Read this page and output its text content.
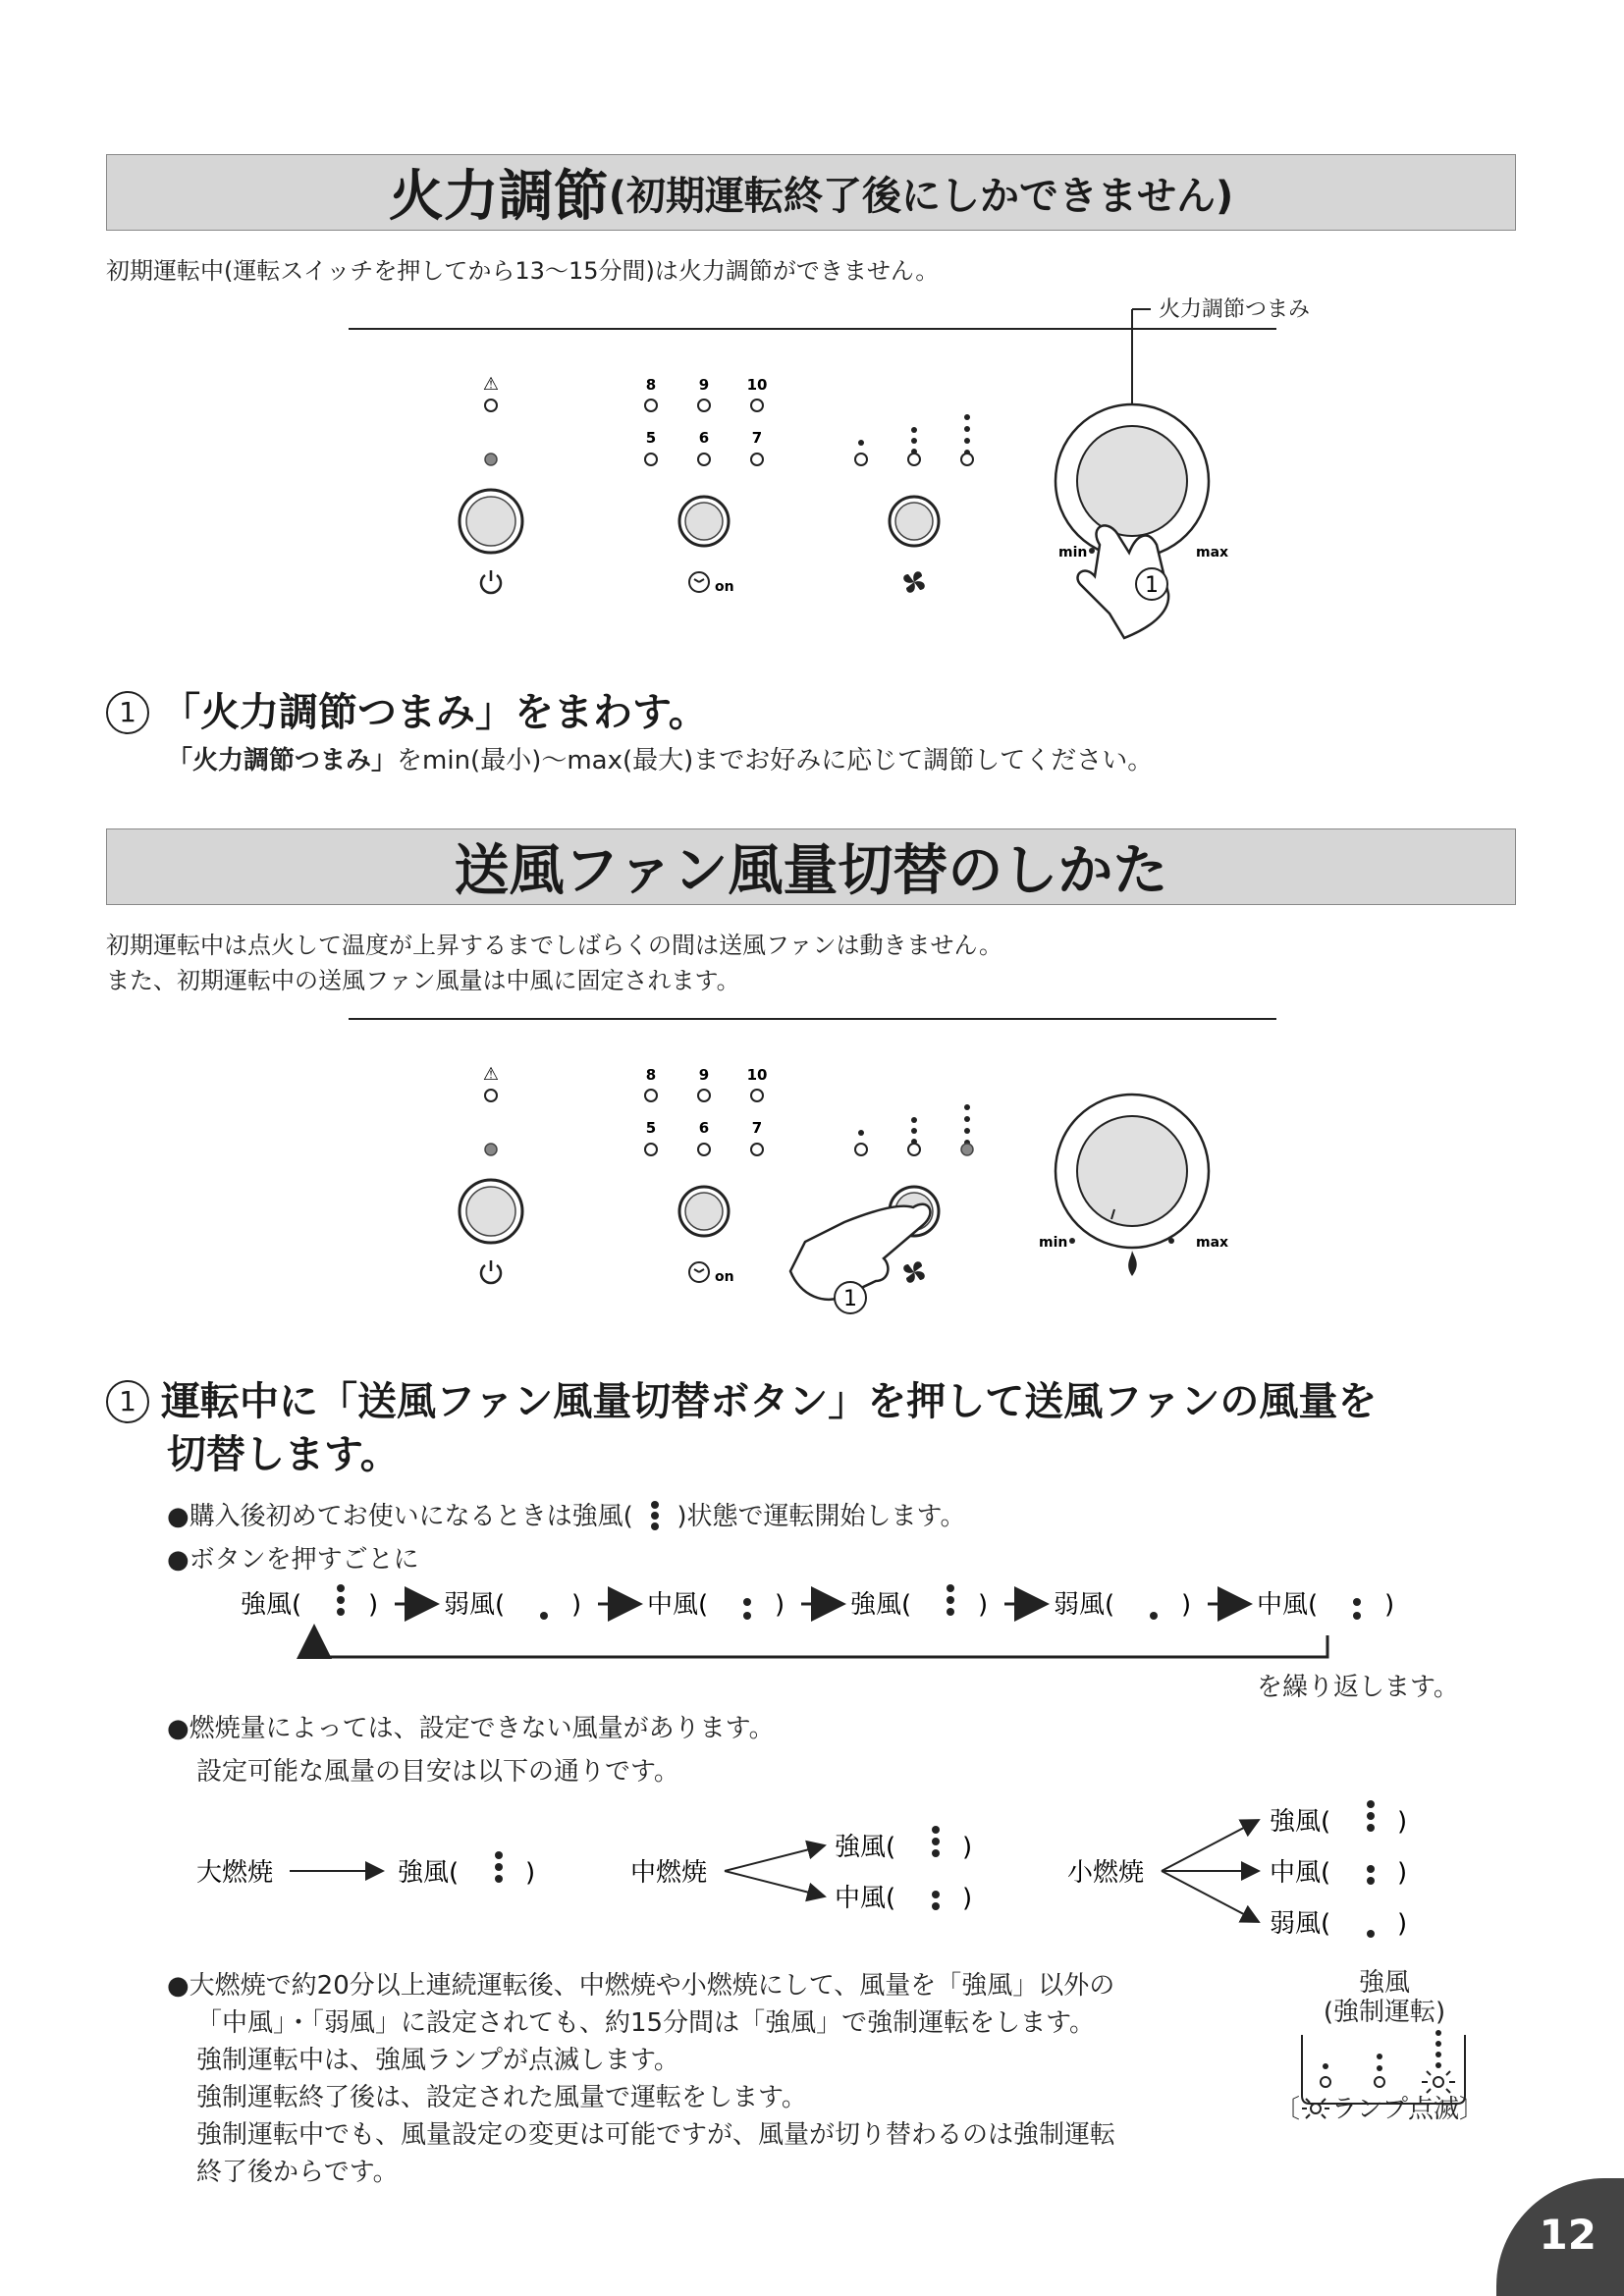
火力調節 (初期運転終了後にしかできません)
初期運転中(運転スイッチを押してから13～15分間)は火力調節ができません。
⚠	8	9	10
5	6	7
on
min	max
1
火力調節つまみ
1 「火力調節つまみ」をまわす。
「火力調節つまみ」をmin(最小)～max(最大)までお好みに応じて調節してください。
送風ファン風量切替のしかた
初期運転中は点火して温度が上昇するまでしばらくの間は送風ファンは動きません。
また、初期運転中の送風ファン風量は中風に固定されます。
⚠	8	9	10
5	6	7
on
1
min	max
1 運転中に「送風ファン風量切替ボタン」を押して送風ファンの風量を
切替します。
●購入後初めてお使いになるときは強風( )状態で運転開始します。
●ボタンを押すごとに
強風(	)	弱風(	)	中風(	)	強風(	)	弱風(	)	中風(	)
を繰り返します。
●燃焼量によっては、設定できない風量があります。
設定可能な風量の目安は以下の通りです。
大燃焼	強風(	)	中燃焼
強風(	)
中風(	)
小燃焼
強風(	)
中風(	)
弱風(	)
●大燃焼で約20分以上連続運転後、中燃焼や小燃焼にして、風量を「強風」以外の
「中風」・「弱風」に設定されても、約15分間は「強風」で強制運転をします。
強制運転中は、強風ランプが点滅します。
強制運転終了後は、設定された風量で運転をします。
強制運転中でも、風量設定の変更は可能ですが、風量が切り替わるのは強制運転
終了後からです。
強風
(強制運転)
〔 ランプ点滅〕
12
